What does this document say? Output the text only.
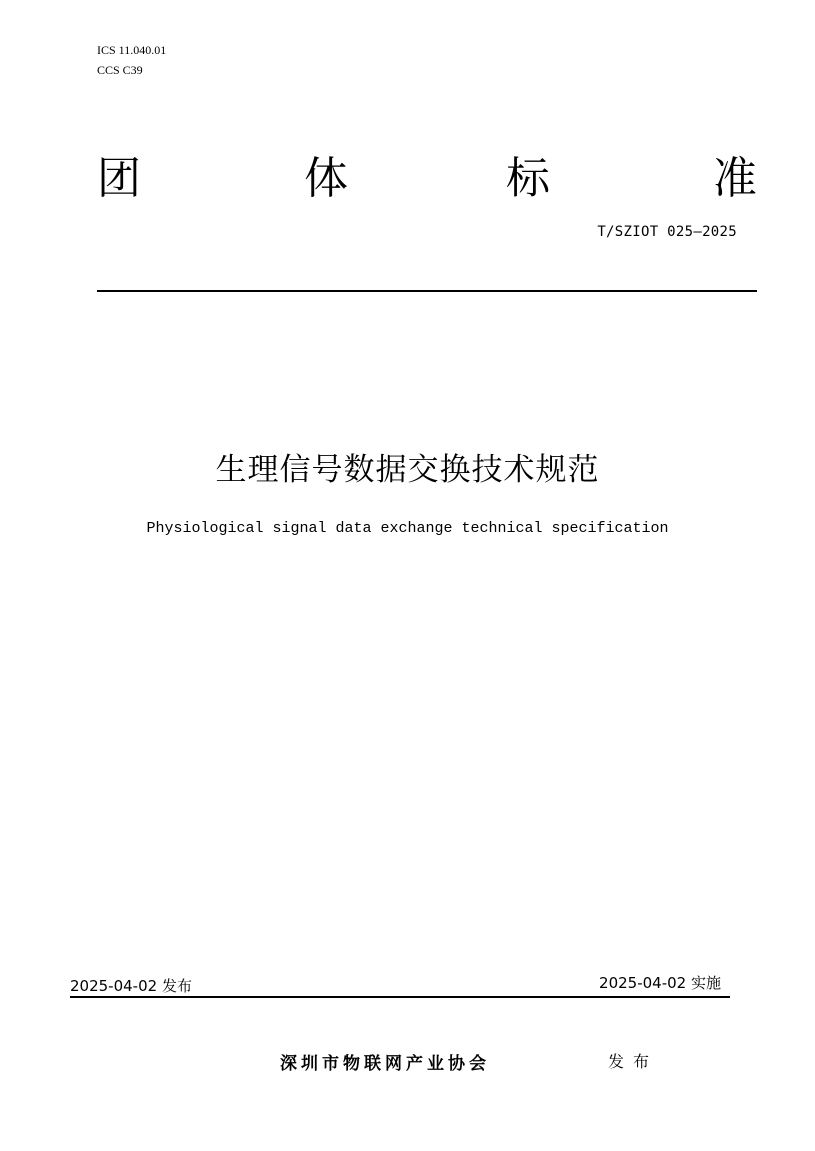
ICS 11.040.01
CCS C39
团	体	标	准
T/SZIOT 025—2025
生理信号数据交换技术规范
Physiological signal data exchange technical specification
2025-04-02 发布	2025-04-02 实施
深圳市物联网产业协会	发布
